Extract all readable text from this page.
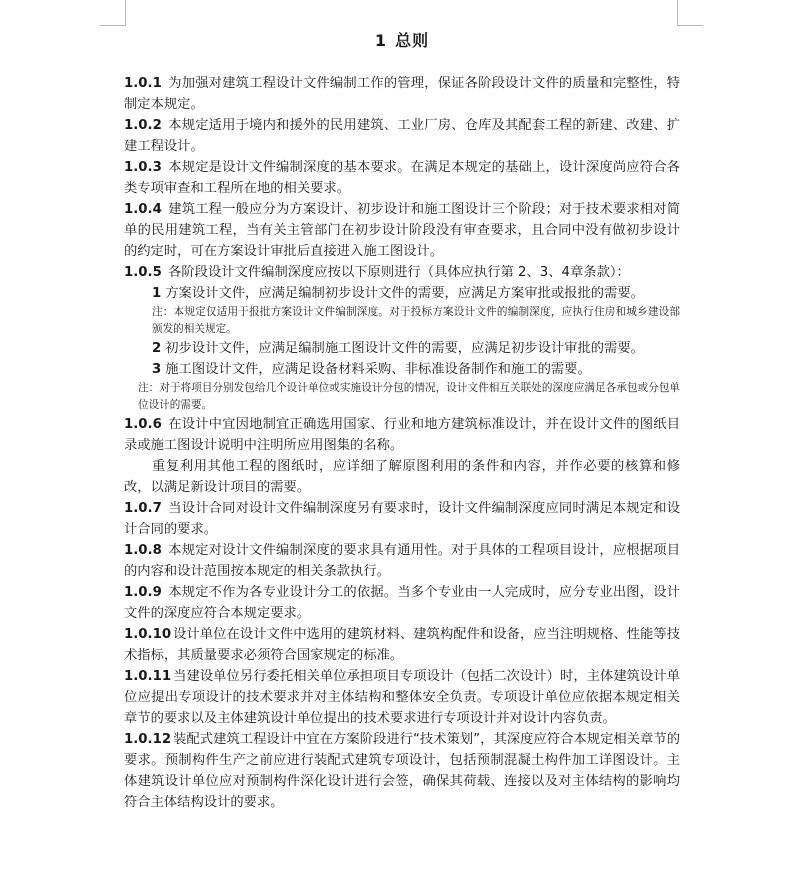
1 总则

1.0.1 为加强对建筑工程设计文件编制工作的管理，保证各阶段设计文件的质量和完整性，特制定本规定。

1.0.2 本规定适用于境内和援外的民用建筑、工业厂房、仓库及其配套工程的新建、改建、扩建工程设计。

1.0.3 本规定是设计文件编制深度的基本要求。在满足本规定的基础上，设计深度尚应符合各类专项审查和工程所在地的相关要求。

1.0.4 建筑工程一般应分为方案设计、初步设计和施工图设计三个阶段；对于技术要求相对简单的民用建筑工程，当有关主管部门在初步设计阶段没有审查要求，且合同中没有做初步设计的约定时，可在方案设计审批后直接进入施工图设计。

1.0.5 各阶段设计文件编制深度应按以下原则进行（具体应执行第 2、3、4章条款）：

1 方案设计文件，应满足编制初步设计文件的需要，应满足方案审批或报批的需要。

注：本规定仅适用于报批方案设计文件编制深度。对于投标方案设计文件的编制深度，应执行住房和城乡建设部颁发的相关规定。

2 初步设计文件，应满足编制施工图设计文件的需要，应满足初步设计审批的需要。

3 施工图设计文件，应满足设备材料采购、非标准设备制作和施工的需要。

注：对于将项目分别发包给几个设计单位或实施设计分包的情况，设计文件相互关联处的深度应满足各承包或分包单位设计的需要。

1.0.6 在设计中宜因地制宜正确选用国家、行业和地方建筑标准设计，并在设计文件的图纸目录或施工图设计说明中注明所应用图集的名称。

重复利用其他工程的图纸时，应详细了解原图利用的条件和内容，并作必要的核算和修改，以满足新设计项目的需要。

1.0.7 当设计合同对设计文件编制深度另有要求时，设计文件编制深度应同时满足本规定和设计合同的要求。

1.0.8 本规定对设计文件编制深度的要求具有通用性。对于具体的工程项目设计，应根据项目的内容和设计范围按本规定的相关条款执行。

1.0.9 本规定不作为各专业设计分工的依据。当多个专业由一人完成时，应分专业出图，设计文件的深度应符合本规定要求。

1.0.10 设计单位在设计文件中选用的建筑材料、建筑构配件和设备，应当注明规格、性能等技术指标，其质量要求必须符合国家规定的标准。

1.0.11 当建设单位另行委托相关单位承担项目专项设计（包括二次设计）时，主体建筑设计单位应提出专项设计的技术要求并对主体结构和整体安全负责。专项设计单位应依据本规定相关章节的要求以及主体建筑设计单位提出的技术要求进行专项设计并对设计内容负责。

1.0.12 装配式建筑工程设计中宜在方案阶段进行“技术策划”，其深度应符合本规定相关章节的要求。预制构件生产之前应进行装配式建筑专项设计，包括预制混凝土构件加工详图设计。主体建筑设计单位应对预制构件深化设计进行会签，确保其荷载、连接以及对主体结构的影响均符合主体结构设计的要求。
